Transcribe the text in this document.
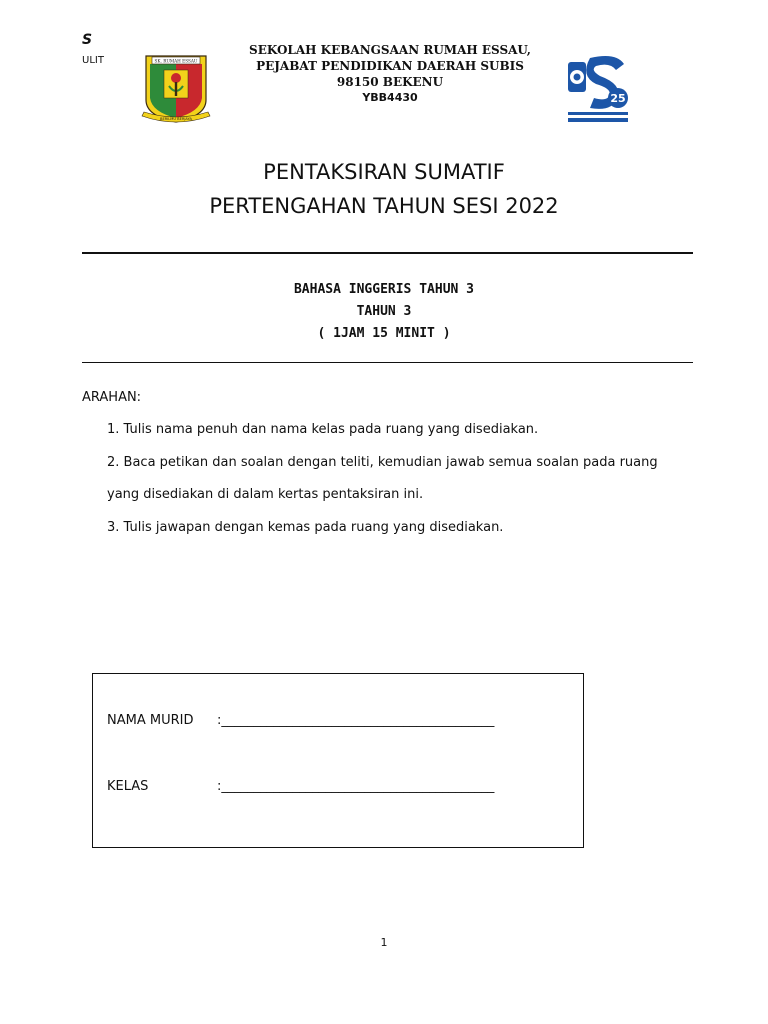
S
ULIT	SK. RUMAH ESSAU
BERILMU BERJAYA
SEKOLAH KEBANGSAAN RUMAH ESSAU,
PEJABAT PENDIDIKAN DAERAH SUBIS
98150 BEKENU
YBB4430	25
PENTAKSIRAN SUMATIF
PERTENGAHAN TAHUN SESI 2022
BAHASA INGGERIS TAHUN 3
TAHUN 3
( 1JAM 15 MINIT )
ARAHAN:
1. Tulis nama penuh dan nama kelas pada ruang yang disediakan.
2. Baca petikan dan soalan dengan teliti, kemudian jawab semua soalan pada ruang
yang disediakan di dalam kertas pentaksiran ini.
3. Tulis jawapan dengan kemas pada ruang yang disediakan.
NAMA MURID :__________________________________________
KELAS	:__________________________________________
1
